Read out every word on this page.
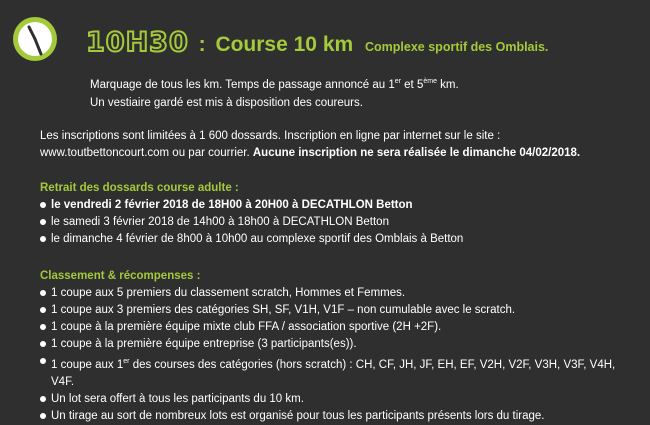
10H30 : Course 10 km Complexe sportif des Omblais.
Marquage de tous les km. Temps de passage annoncé au 1er et 5ème km.
Un vestiaire gardé est mis à disposition des coureurs.
Les inscriptions sont limitées à 1 600 dossards. Inscription en ligne par internet sur le site :
www.toutbettoncourt.com ou par courrier. Aucune inscription ne sera réalisée le dimanche 04/02/2018.
Retrait des dossards course adulte :
le vendredi 2 février 2018 de 18H00 à 20H00 à DECATHLON Betton
le samedi 3 février 2018 de 14h00 à 18h00 à DECATHLON Betton
le dimanche 4 février de 8h00 à 10h00 au complexe sportif des Omblais à Betton
Classement & récompenses :
1 coupe aux 5 premiers du classement scratch, Hommes et Femmes.
1 coupe aux 3 premiers des catégories SH, SF, V1H, V1F – non cumulable avec le scratch.
1 coupe à la première équipe mixte club FFA / association sportive (2H +2F).
1 coupe à la première équipe entreprise (3 participants(es)).
1 coupe aux 1er des courses des catégories (hors scratch) : CH, CF, JH, JF, EH, EF, V2H, V2F, V3H, V3F, V4H, V4F.
Un lot sera offert à tous les participants du 10 km.
Un tirage au sort de nombreux lots est organisé pour tous les participants présents lors du tirage.
